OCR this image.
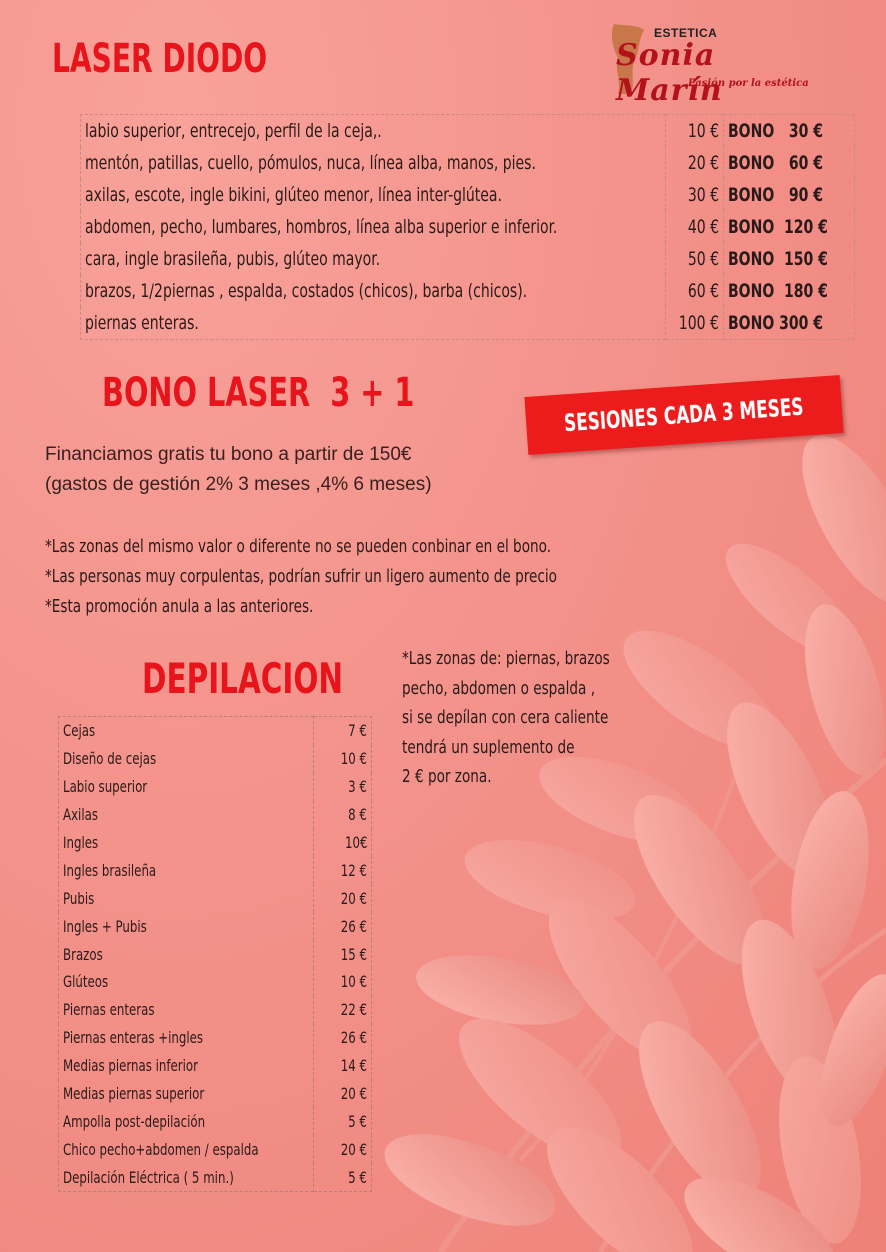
LASER DIODO
ESTETICA
Sonia Marín
Pasión por la estética
labio superior, entrecejo, perfil de la ceja,.	10 €	BONO   30 €
mentón, patillas, cuello, pómulos, nuca, línea alba, manos, pies.	20 €	BONO   60 €
axilas, escote, ingle bikini, glúteo menor, línea inter-glútea.	30 €	BONO   90 €
abdomen, pecho, lumbares, hombros, línea alba superior e inferior.	40 €	BONO  120 €
cara, ingle brasileña, pubis, glúteo mayor.	50 €	BONO  150 €
brazos, 1/2piernas , espalda, costados (chicos), barba (chicos).	60 €	BONO  180 €
piernas enteras.	100 €	BONO 300 €
BONO LASER  3 + 1	SESIONES CADA 3 MESES
Financiamos gratis tu bono a partir de 150€
(gastos de gestión 2% 3 meses ,4% 6 meses)
*Las zonas del mismo valor o diferente no se pueden conbinar en el bono.
*Las personas muy corpulentas, podrían sufrir un ligero aumento de precio
*Esta promoción anula a las anteriores.
DEPILACION	*Las zonas de: piernas, brazos
pecho, abdomen o espalda ,
si se depílan con cera caliente
tendrá un suplemento de
2 € por zona.
Cejas	7 €
Diseño de cejas	10 €
Labio superior	3 €
Axilas	8 €
Ingles	10€
Ingles brasileña	12 €
Pubis	20 €
Ingles + Pubis	26 €
Brazos	15 €
Glúteos	10 €
Piernas enteras	22 €
Piernas enteras +ingles	26 €
Medias piernas inferior	14 €
Medias piernas superior	20 €
Ampolla post-depilación	5 €
Chico pecho+abdomen / espalda	20 €
Depilación Eléctrica ( 5 min.)	5 €
